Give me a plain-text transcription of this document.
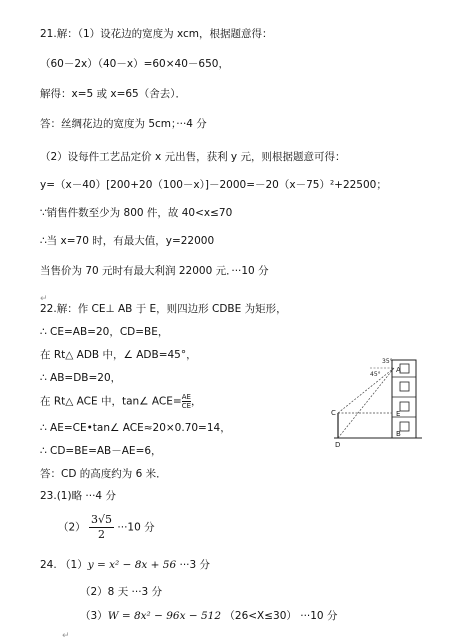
21.解：（1）设花边的宽度为 xcm，根据题意得：
（60－2x）（40－x）=60×40－650，
解得：x=5 或 x=65（舍去）．
答：丝绸花边的宽度为 5cm；···4 分
（2）设每件工艺品定价 x 元出售，获利 y 元，则根据题意可得：
y=（x－40）[200+20（100－x）]－2000=－20（x－75）²+22500；
∵销售件数至少为 800 件，故 40<x≤70
∴当 x=70 时，有最大值，y=22000
当售价为 70 元时有最大利润 22000 元．···10 分
↵
22.解：作 CE⊥ AB 于 E，则四边形 CDBE 为矩形，
∴ CE=AB=20，CD=BE，
在 Rt△ ADB 中，∠ ADB=45°，
∴ AB=DB=20，
在 Rt△ ACE 中，tan∠ $ACE= \frac{AE}{CE}$ ，
∴ AE=CE•tan∠ ACE≈20×0.70=14，
∴ CD=BE=AB－AE=6，
答：CD 的高度约为 6 米．
23.(1)略 ···4 分
$(2) \frac{3√5}{2} \cdot\cdot\cdot 10$ 分
24. （1）y = x² − 8x + 56 ···3 分
（2）8 天 ···3 分
（3）W = 8x² − 96x − 512 （26<X≤30） ···10 分
↵
A
B
C
D
E
45°
35°
